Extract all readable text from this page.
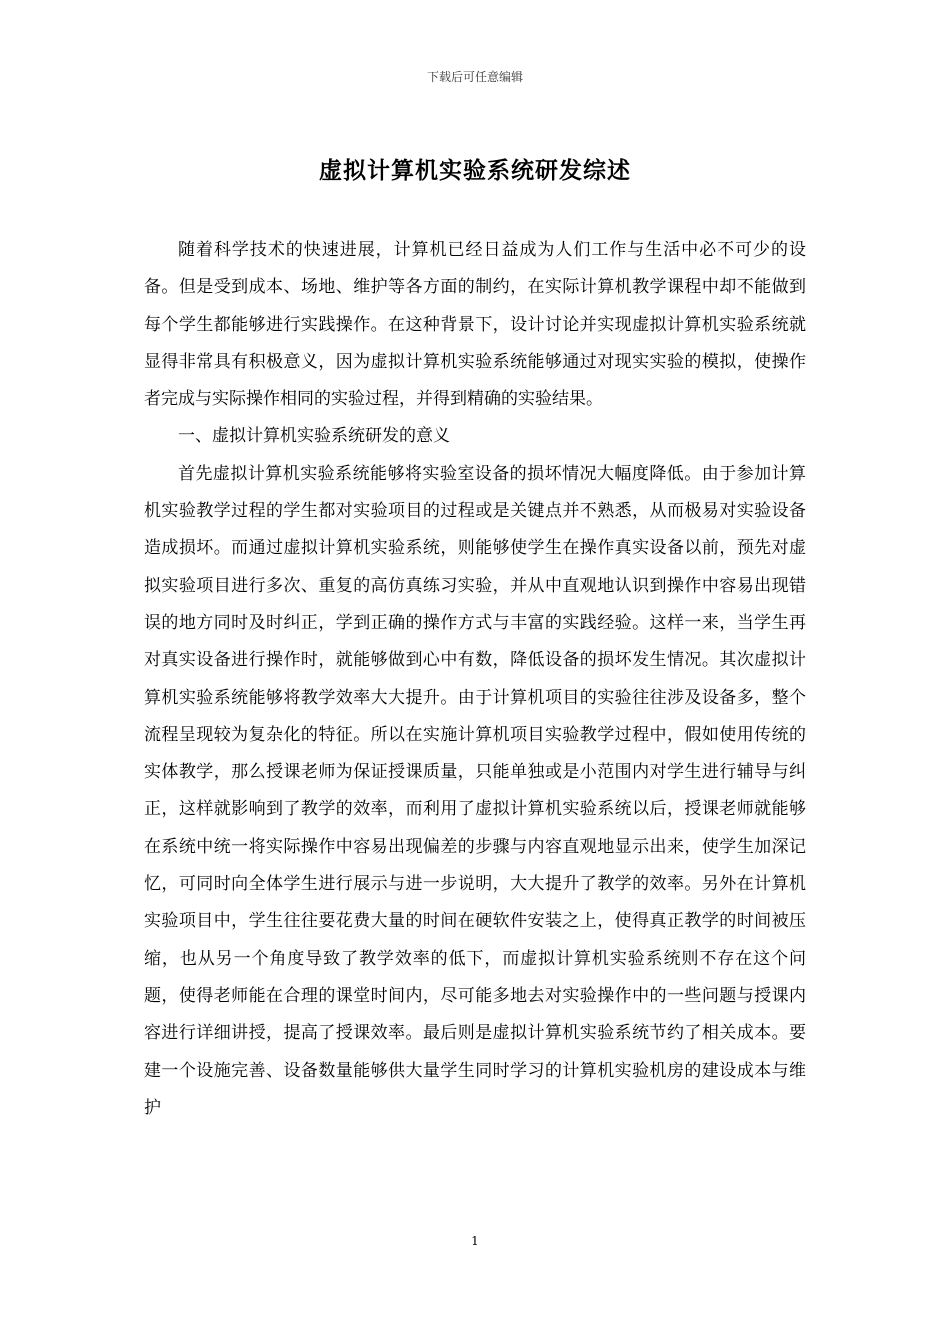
下载后可任意编辑
虚拟计算机实验系统研发综述

随着科学技术的快速进展，计算机已经日益成为人们工作与生活中必不可少的设备。但是受到成本、场地、维护等各方面的制约，在实际计算机教学课程中却不能做到每个学生都能够进行实践操作。在这种背景下，设计讨论并实现虚拟计算机实验系统就显得非常具有积极意义，因为虚拟计算机实验系统能够通过对现实实验的模拟，使操作者完成与实际操作相同的实验过程，并得到精确的实验结果。

一、虚拟计算机实验系统研发的意义

首先虚拟计算机实验系统能够将实验室设备的损坏情况大幅度降低。由于参加计算机实验教学过程的学生都对实验项目的过程或是关键点并不熟悉，从而极易对实验设备造成损坏。而通过虚拟计算机实验系统，则能够使学生在操作真实设备以前，预先对虚拟实验项目进行多次、重复的高仿真练习实验，并从中直观地认识到操作中容易出现错误的地方同时及时纠正，学到正确的操作方式与丰富的实践经验。这样一来，当学生再对真实设备进行操作时，就能够做到心中有数，降低设备的损坏发生情况。其次虚拟计算机实验系统能够将教学效率大大提升。由于计算机项目的实验往往涉及设备多，整个流程呈现较为复杂化的特征。所以在实施计算机项目实验教学过程中，假如使用传统的实体教学，那么授课老师为保证授课质量，只能单独或是小范围内对学生进行辅导与纠正，这样就影响到了教学的效率，而利用了虚拟计算机实验系统以后，授课老师就能够在系统中统一将实际操作中容易出现偏差的步骤与内容直观地显示出来，使学生加深记忆，可同时向全体学生进行展示与进一步说明，大大提升了教学的效率。另外在计算机实验项目中，学生往往要花费大量的时间在硬软件安装之上，使得真正教学的时间被压缩，也从另一个角度导致了教学效率的低下，而虚拟计算机实验系统则不存在这个问题，使得老师能在合理的课堂时间内，尽可能多地去对实验操作中的一些问题与授课内容进行详细讲授，提高了授课效率。最后则是虚拟计算机实验系统节约了相关成本。要建一个设施完善、设备数量能够供大量学生同时学习的计算机实验机房的建设成本与维护

1
